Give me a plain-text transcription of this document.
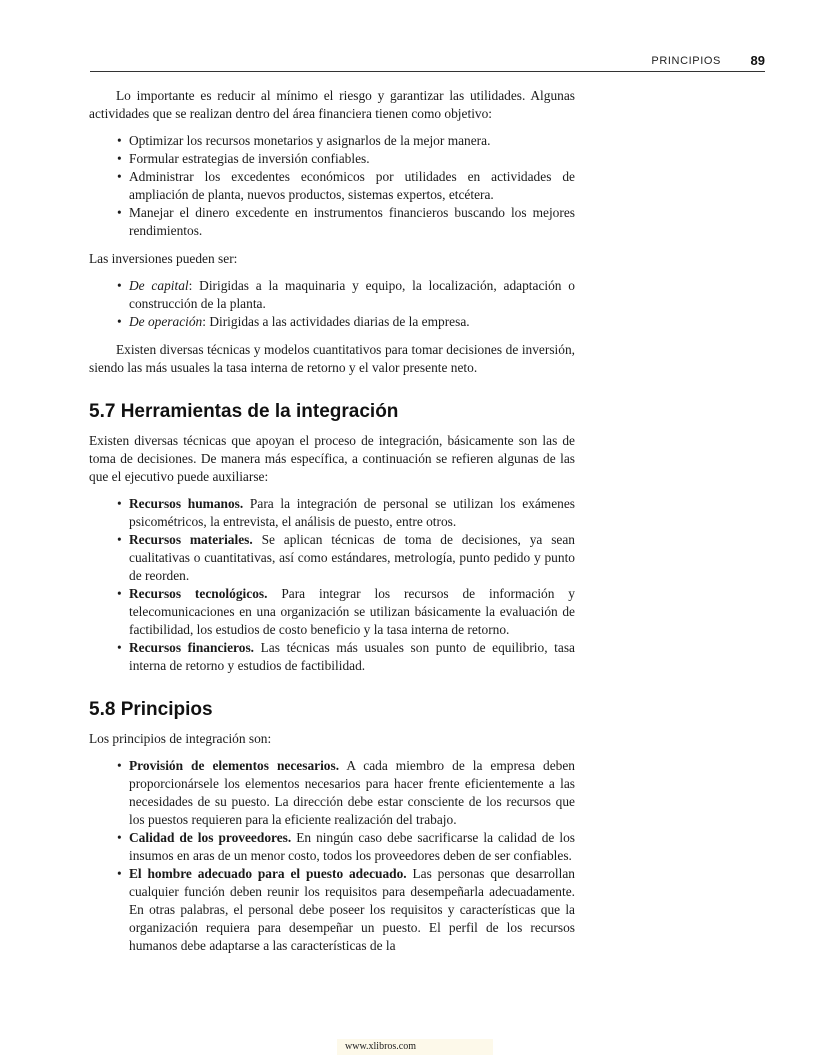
PRINCIPIOS 89

Lo importante es reducir al mínimo el riesgo y garantizar las utilidades. Algunas actividades que se realizan dentro del área financiera tienen como objetivo:

• Optimizar los recursos monetarios y asignarlos de la mejor manera.
• Formular estrategias de inversión confiables.
• Administrar los excedentes económicos por utilidades en actividades de ampliación de planta, nuevos productos, sistemas expertos, etcétera.
• Manejar el dinero excedente en instrumentos financieros buscando los mejores rendimientos.

Las inversiones pueden ser:

• De capital: Dirigidas a la maquinaria y equipo, la localización, adaptación o construcción de la planta.
• De operación: Dirigidas a las actividades diarias de la empresa.

Existen diversas técnicas y modelos cuantitativos para tomar decisiones de inversión, siendo las más usuales la tasa interna de retorno y el valor presente neto.

5.7 Herramientas de la integración

Existen diversas técnicas que apoyan el proceso de integración, básicamente son las de toma de decisiones. De manera más específica, a continuación se refieren algunas de las que el ejecutivo puede auxiliarse:

• Recursos humanos. Para la integración de personal se utilizan los exámenes psicométricos, la entrevista, el análisis de puesto, entre otros.
• Recursos materiales. Se aplican técnicas de toma de decisiones, ya sean cualitativas o cuantitativas, así como estándares, metrología, punto pedido y punto de reorden.
• Recursos tecnológicos. Para integrar los recursos de información y telecomunicaciones en una organización se utilizan básicamente la evaluación de factibilidad, los estudios de costo beneficio y la tasa interna de retorno.
• Recursos financieros. Las técnicas más usuales son punto de equilibrio, tasa interna de retorno y estudios de factibilidad.
5.8 Principios

Los principios de integración son:

• Provisión de elementos necesarios. A cada miembro de la empresa deben proporcionársele los elementos necesarios para hacer frente eficientemente a las necesidades de su puesto. La dirección debe estar consciente de los recursos que los puestos requieren para la eficiente realización del trabajo.
• Calidad de los proveedores. En ningún caso debe sacrificarse la calidad de los insumos en aras de un menor costo, todos los proveedores deben de ser confiables.
• El hombre adecuado para el puesto adecuado. Las personas que desarrollan cualquier función deben reunir los requisitos para desempeñarla adecuadamente. En otras palabras, el personal debe poseer los requisitos y características que la organización requiera para desempeñar un puesto. El perfil de los recursos humanos debe adaptarse a las características de la
www.xlibros.com
